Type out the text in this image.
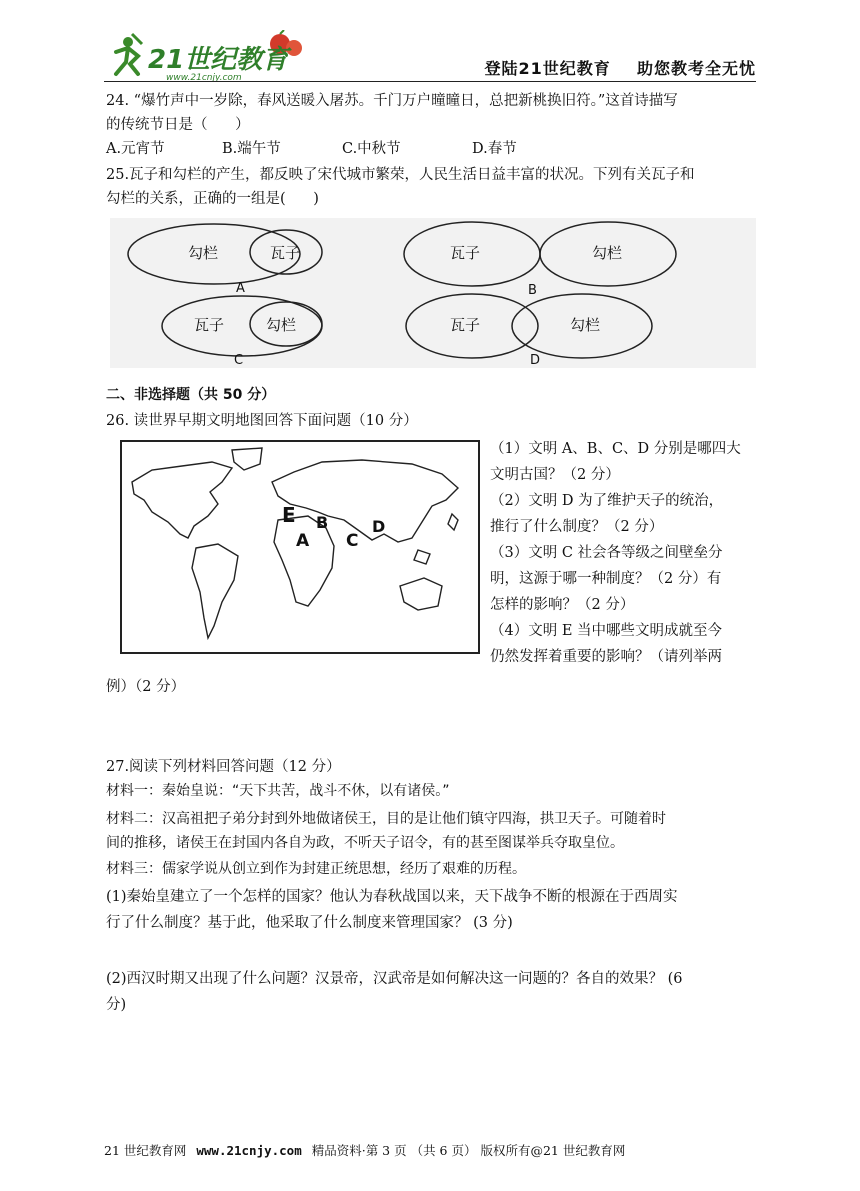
21世纪教育
www.21cnjy.com	登陆21世纪教育    助您教考全无忧
24. “爆竹声中一岁除，春风送暖入屠苏。千门万户曈曈日，总把新桃换旧符。”这首诗描写
的传统节日是（      ）
A.元宵节	B.端午节	C.中秋节	D.春节
25.瓦子和勾栏的产生，都反映了宋代城市繁荣，人民生活日益丰富的状况。下列有关瓦子和
勾栏的关系，正确的一组是(      )
勾栏	瓦子
A
瓦子	勾栏
B
瓦子	勾栏
C
瓦子	勾栏
D
二、非选择题（共 50 分）
26. 读世界早期文明地图回答下面问题（10 分）
E B
A C
D
（1）文明 A、B、C、D 分别是哪四大
文明古国？（2 分）
（2）文明 D 为了维护天子的统治，
推行了什么制度？（2 分）
（3）文明 C 社会各等级之间壁垒分
明，这源于哪一种制度？（2 分）有
怎样的影响？（2 分）
（4）文明 E 当中哪些文明成就至今
仍然发挥着重要的影响？（请列举两
例）（2 分）
27.阅读下列材料回答问题（12 分）
材料一：秦始皇说：“天下共苦，战斗不休，以有诸侯。”
材料二：汉高祖把子弟分封到外地做诸侯王，目的是让他们镇守四海，拱卫天子。可随着时
间的推移，诸侯王在封国内各自为政，不听天子诏令，有的甚至图谋举兵夺取皇位。
材料三：儒家学说从创立到作为封建正统思想，经历了艰难的历程。
(1)秦始皇建立了一个怎样的国家？他认为春秋战国以来，天下战争不断的根源在于西周实
行了什么制度？基于此，他采取了什么制度来管理国家？ (3 分)
(2)西汉时期又出现了什么问题？汉景帝，汉武帝是如何解决这一问题的？各自的效果？ (6
分)
21 世纪教育网 www.21cnjy.com 精品资料·第 3 页 （共 6 页） 版权所有@21 世纪教育网
